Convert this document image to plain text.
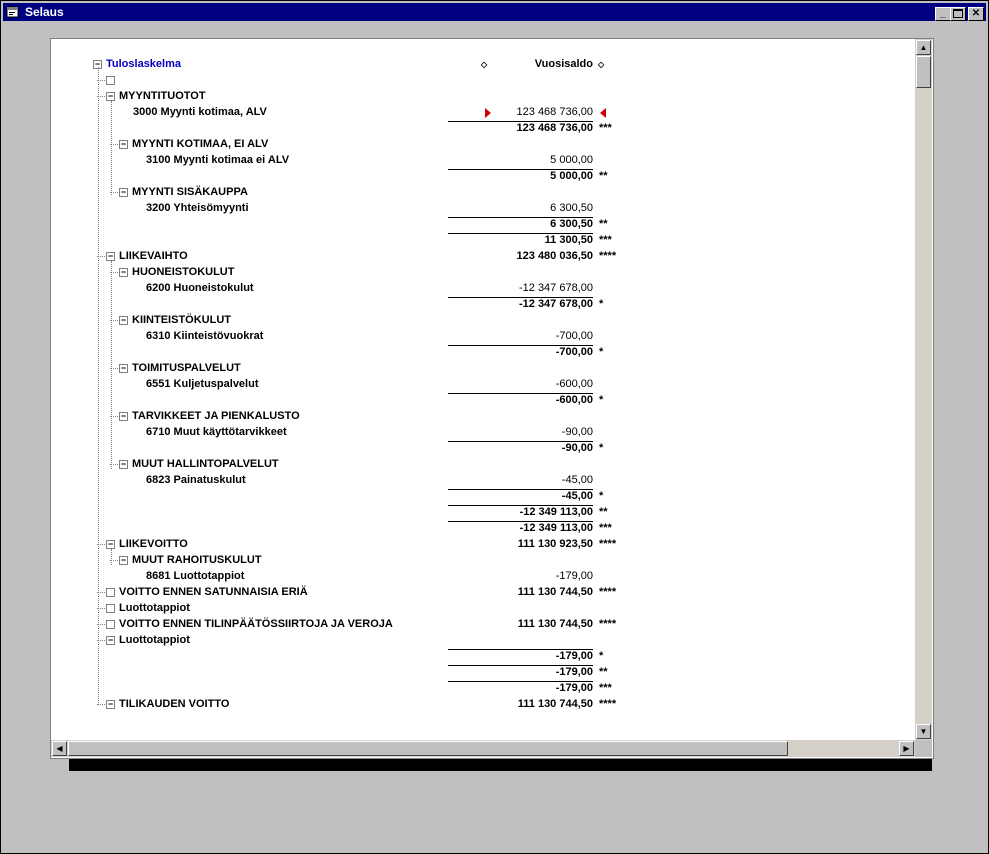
Selaus	_	✕
− Tuloslaskelma	◇	Vuosisaldo ◇
− MYYNTITUOTOT
3000 Myynti kotimaa, ALV	123 468 736,00
123 468 736,00 ***
− MYYNTI KOTIMAA, EI ALV
3100 Myynti kotimaa ei ALV	5 000,00
5 000,00 **
− MYYNTI SISÄKAUPPA
3200 Yhteisömyynti	6 300,50
6 300,50 **
11 300,50 ***
− LIIKEVAIHTO	123 480 036,50 ****
− HUONEISTOKULUT
6200 Huoneistokulut	-12 347 678,00
-12 347 678,00 *
− KIINTEISTÖKULUT
6310 Kiinteistövuokrat	-700,00
-700,00 *
− TOIMITUSPALVELUT
6551 Kuljetuspalvelut	-600,00
-600,00 *
− TARVIKKEET JA PIENKALUSTO
6710 Muut käyttötarvikkeet	-90,00
-90,00 *
− MUUT HALLINTOPALVELUT
6823 Painatuskulut	-45,00
-45,00 *
-12 349 113,00 **
-12 349 113,00 ***
− LIIKEVOITTO	111 130 923,50 ****
− MUUT RAHOITUSKULUT
8681 Luottotappiot	-179,00
VOITTO ENNEN SATUNNAISIA ERIÄ	111 130 744,50 ****
Luottotappiot
VOITTO ENNEN TILINPÄÄTÖSSIIRTOJA JA VEROJA	111 130 744,50 ****
− Luottotappiot
-179,00 *
-179,00 **
-179,00 ***
− TILIKAUDEN VOITTO	111 130 744,50 ****
▲
▼
◀	▶
